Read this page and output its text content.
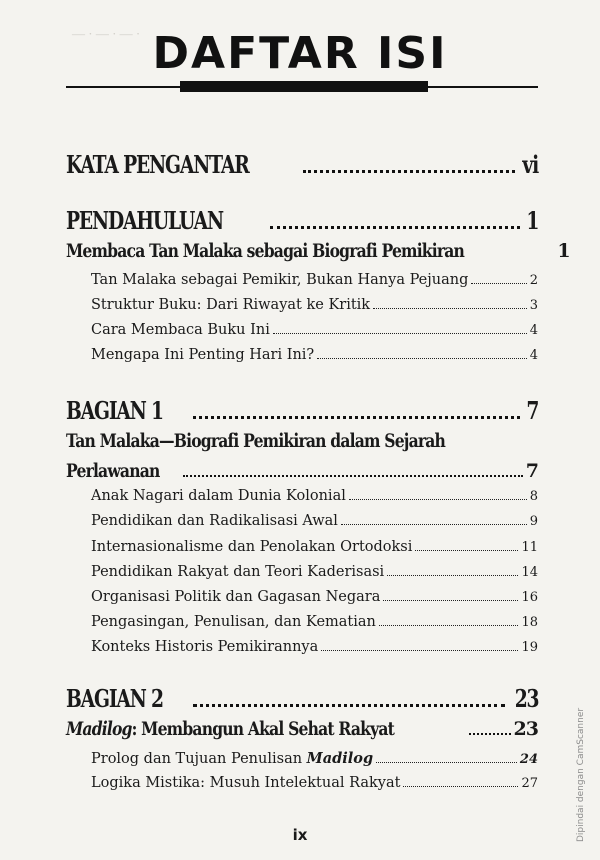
— · — · — · DAFTAR ISI
KATA PENGANTAR	vi
PENDAHULUAN	1
Membaca Tan Malaka sebagai Biografi Pemikiran	1
Tan Malaka sebagai Pemikir, Bukan Hanya Pejuang	2
Struktur Buku: Dari Riwayat ke Kritik	3
Cara Membaca Buku Ini	4
Mengapa Ini Penting Hari Ini?	4
BAGIAN 1	7
Tan Malaka—Biografi Pemikiran dalam Sejarah
Perlawanan	7
Anak Nagari dalam Dunia Kolonial	8
Pendidikan dan Radikalisasi Awal	9
Internasionalisme dan Penolakan Ortodoksi	11
Pendidikan Rakyat dan Teori Kaderisasi	14
Organisasi Politik dan Gagasan Negara	16
Pengasingan, Penulisan, dan Kematian	18
Konteks Historis Pemikirannya	19
BAGIAN 2	23
Madilog: Membangun Akal Sehat Rakyat	23
Prolog dan Tujuan Penulisan Madilog	24
Logika Mistika: Musuh Intelektual Rakyat	27
ix	Dipindai dengan CamScanner
